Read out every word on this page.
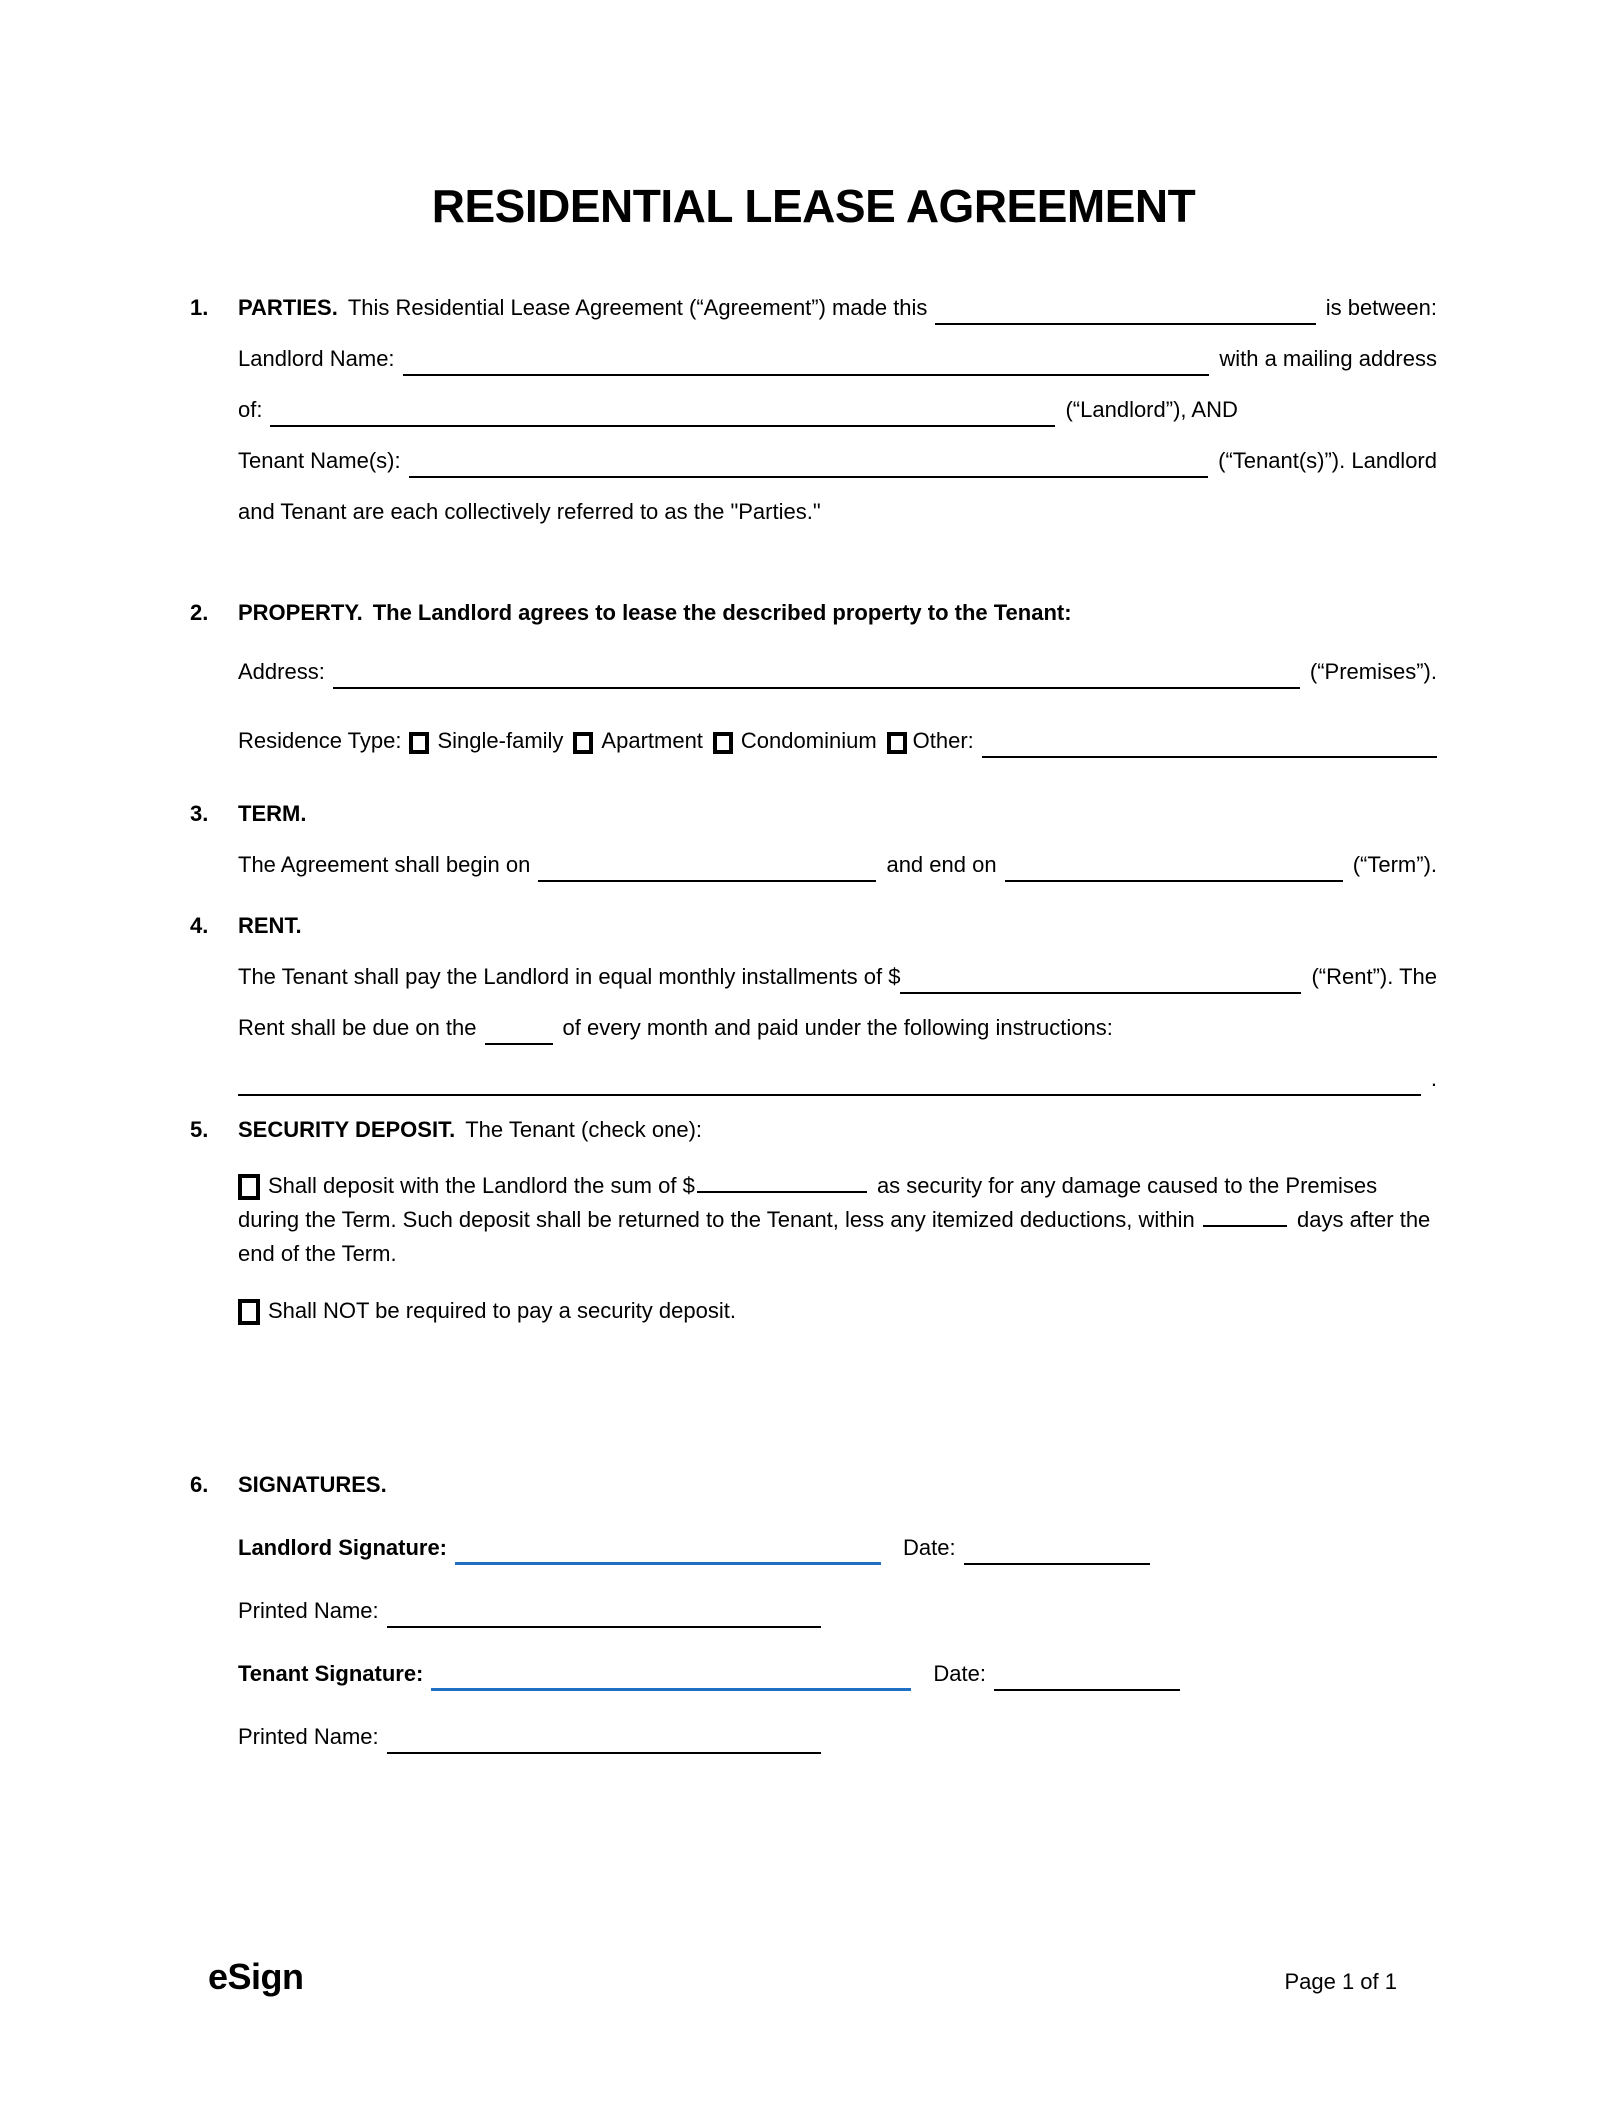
RESIDENTIAL LEASE AGREEMENT
1.	PARTIES. This Residential Lease Agreement (“Agreement”) made this	is between:
Landlord Name:	with a mailing address
of:	(“Landlord”), AND
Tenant Name(s):	(“Tenant(s)”). Landlord
and Tenant are each collectively referred to as the "Parties."
2.	PROPERTY. The Landlord agrees to lease the described property to the Tenant:
Address:	(“Premises”).
Residence Type: Single-family Apartment Condominium Other:
3.	TERM.
The Agreement shall begin on	and end on	(“Term”).
4.	RENT.
The Tenant shall pay the Landlord in equal monthly installments of $	(“Rent”). The
Rent shall be due on the	of every month and paid under the following instructions:
.
5.	SECURITY DEPOSIT. The Tenant (check one):
Shall deposit with the Landlord the sum of $	as security for any damage caused to the Premises during the Term. Such deposit shall be returned to the Tenant, less any itemized deductions, within	days after the end of the Term.
Shall NOT be required to pay a security deposit.
6.	SIGNATURES.
Landlord Signature:	Date:
Printed Name:
Tenant Signature:	Date:
Printed Name:
eSign	Page 1 of 1
